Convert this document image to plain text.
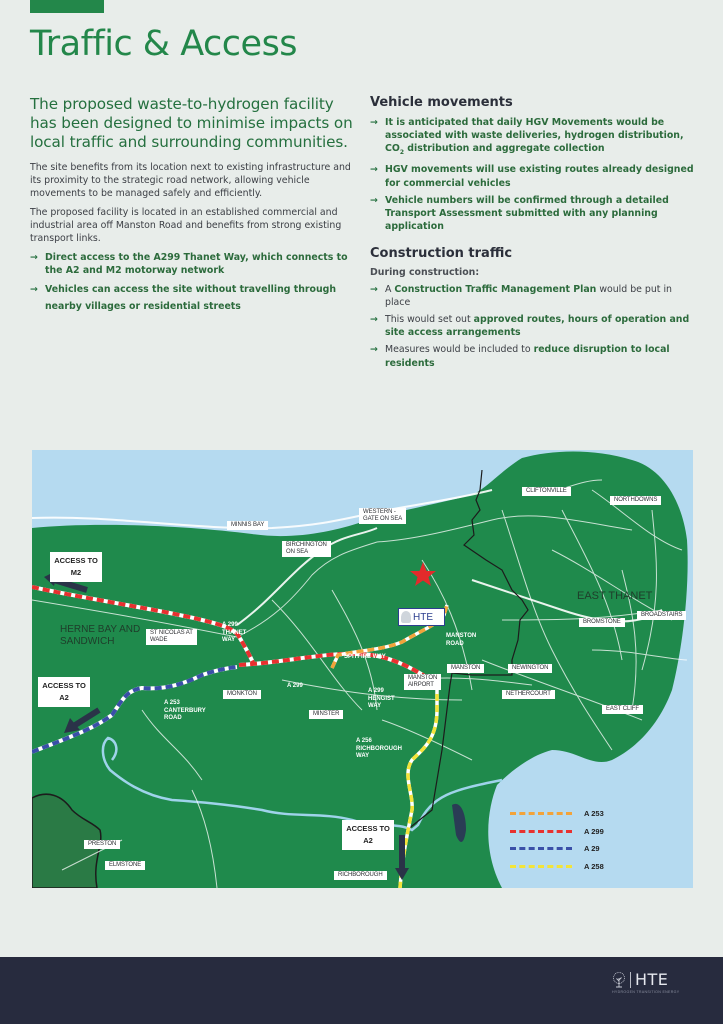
Traffic & Access

The proposed waste-to-hydrogen facility has been designed to minimise impacts on local traffic and surrounding communities.

The site benefits from its location next to existing infrastructure and its proximity to the strategic road network, allowing vehicle movements to be managed safely and efficiently.

The proposed facility is located in an established commercial and industrial area off Manston Road and benefits from strong existing transport links.

→ Direct access to the A299 Thanet Way, which connects to the A2 and M2 motorway network
→ Vehicles can access the site without travelling through nearby villages or residential streets
Vehicle movements
→ It is anticipated that daily HGV Movements would be associated with waste deliveries, hydrogen distribution, $CO_2$ distribution and aggregate collection
→ HGV movements will use existing routes already designed for commercial vehicles
→ Vehicle numbers will be confirmed through a detailed Transport Assessment submitted with any planning application
Construction traffic

During construction:

→ A Construction Traffic Management Plan would be put in place
→ This would set out approved routes, hours of operation and site access arrangements
→ Measures would be included to reduce disruption to local residents
MINNIS BAY
BIRCHINGTON
ON SEA
WESTERN -
GATE ON SEA
CLIFTONVILLE
NORTHDOWNS
BROADSTAIRS
BROMSTONE
ST NICOLAS AT
WADE
MONKTON
MINSTER
MANSTON	NEWINGTON
MANSTON
AIRPORT
NETHERCOURT
EAST CLIFF
PRESTON
ELMSTONE
RICHBOROUGH
HERNE BAY AND
SANDWICH
EAST THANET
A 299
THANET
WAY
A 299
A 253
CANTERBURY
ROAD
SPITFIRE WAY
MANSTON
ROAD
A 299
HENGIST
WAY
A 256
RICHBOROUGH
WAY
ACCESS TO
M2
ACCESS TO
A2
ACCESS TO
A2
HTE
A 253
A 299
A 29
A 258
HTE
HYDROGEN TRANSITION ENERGY
